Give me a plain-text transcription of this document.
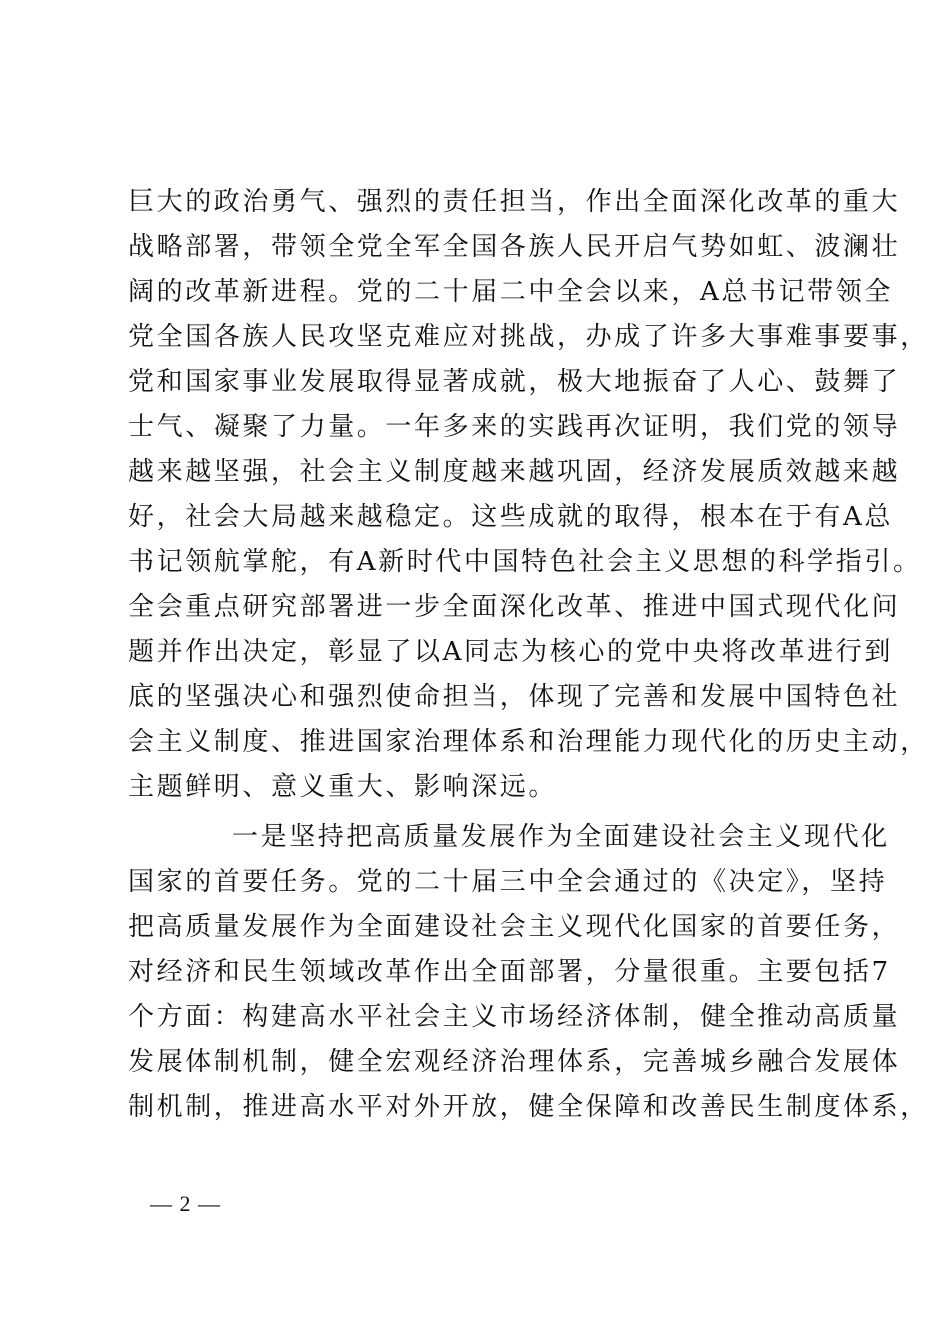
巨大的政治勇气、强烈的责任担当，作出全面深化改革的重大
战略部署，带领全党全军全国各族人民开启气势如虹、波澜壮
阔的改革新进程。党的二十届二中全会以来，A总书记带领全
党全国各族人民攻坚克难应对挑战，办成了许多大事难事要事，
党和国家事业发展取得显著成就，极大地振奋了人心、鼓舞了
士气、凝聚了力量。一年多来的实践再次证明，我们党的领导
越来越坚强，社会主义制度越来越巩固，经济发展质效越来越
好，社会大局越来越稳定。这些成就的取得，根本在于有A总
书记领航掌舵，有A新时代中国特色社会主义思想的科学指引。
全会重点研究部署进一步全面深化改革、推进中国式现代化问
题并作出决定，彰显了以A同志为核心的党中央将改革进行到
底的坚强决心和强烈使命担当，体现了完善和发展中国特色社
会主义制度、推进国家治理体系和治理能力现代化的历史主动，
主题鲜明、意义重大、影响深远。
一是坚持把高质量发展作为全面建设社会主义现代化
国家的首要任务。党的二十届三中全会通过的《决定》，坚持
把高质量发展作为全面建设社会主义现代化国家的首要任务，
对经济和民生领域改革作出全面部署，分量很重。主要包括7
个方面：构建高水平社会主义市场经济体制，健全推动高质量
发展体制机制，健全宏观经济治理体系，完善城乡融合发展体
制机制，推进高水平对外开放，健全保障和改善民生制度体系，
— 2 —
